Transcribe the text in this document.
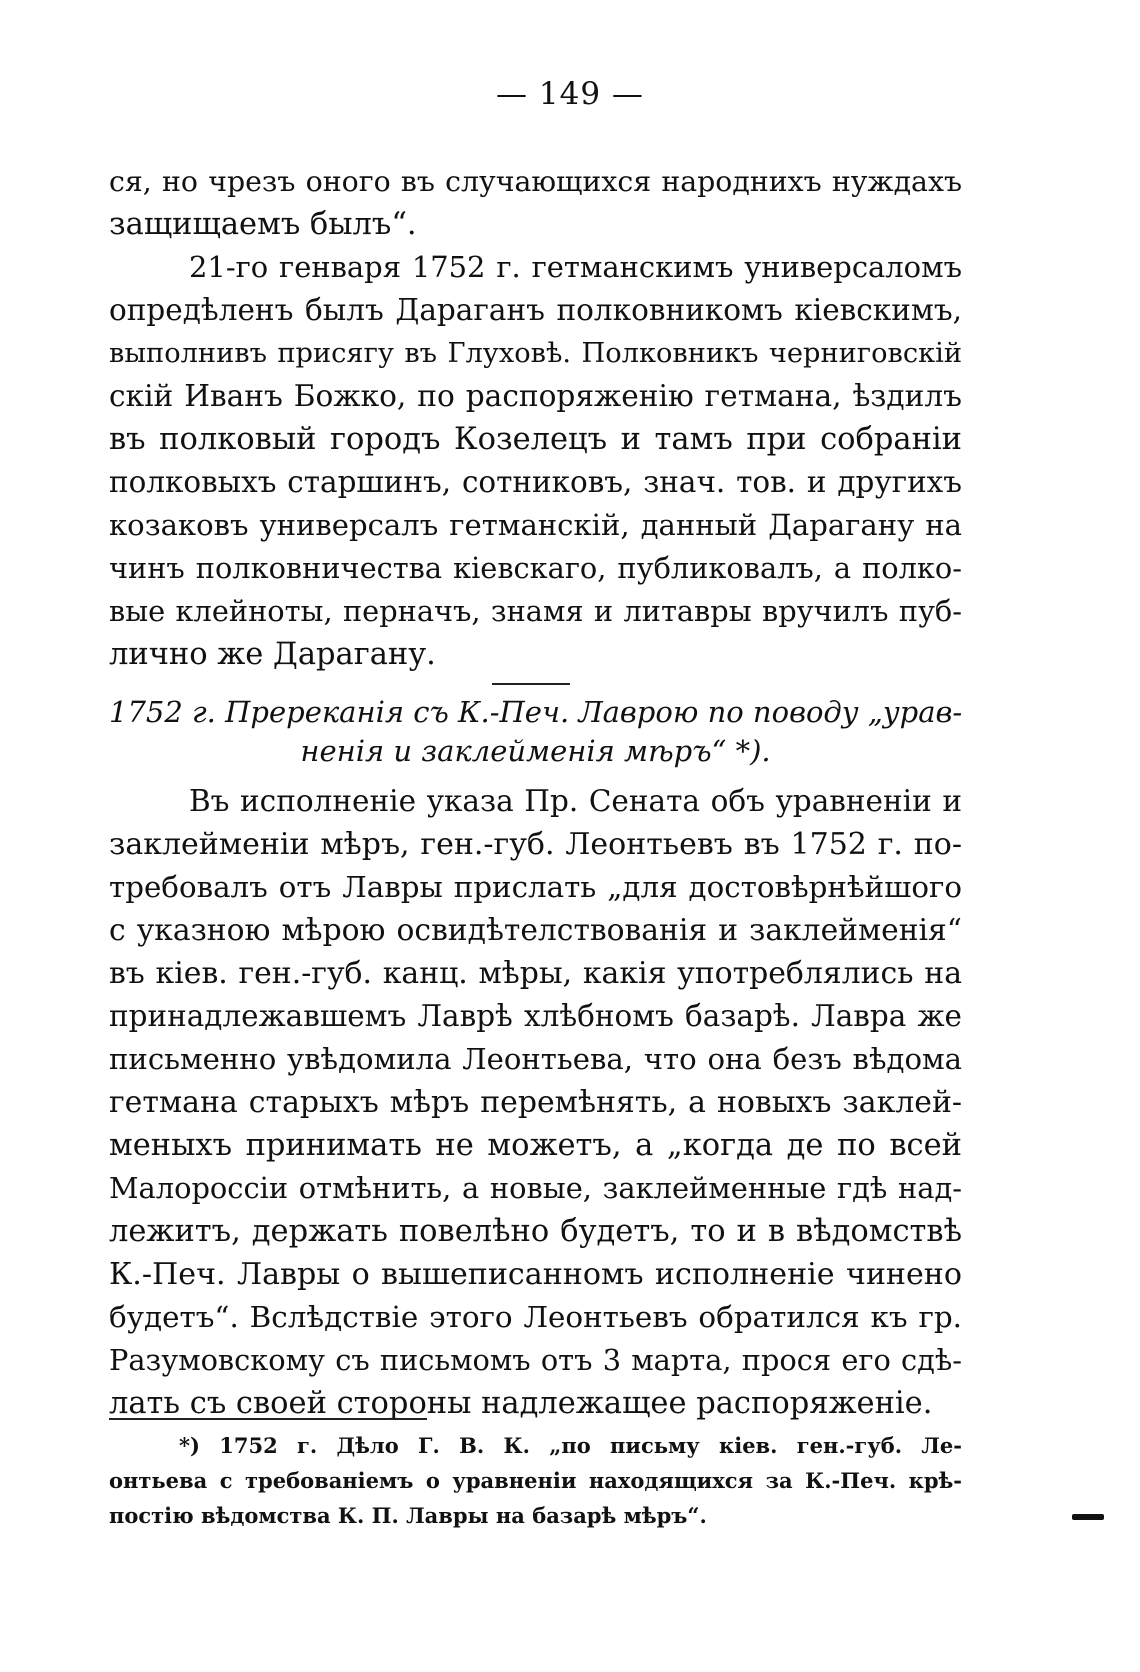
— 149 —
ся, но чрезъ оного въ случающихся народнихъ нуждахъ
защищаемъ былъ“.
21-го генваря 1752 г. гетманскимъ универсаломъ
опредѣленъ былъ Дараганъ полковникомъ кіевскимъ,
выполнивъ присягу въ Глуховѣ. Полковникъ черниговскій
скій Иванъ Божко, по распоряженію гетмана, ѣздилъ
въ полковый городъ Козелецъ и тамъ при собраніи
полковыхъ старшинъ, сотниковъ, знач. тов. и другихъ
козаковъ универсалъ гетманскій, данный Дарагану на
чинъ полковничества кіевскаго, публиковалъ, а полко-
вые клейноты, перначъ, знамя и литавры вручилъ пуб-
лично же Дарагану.
1752 г. Пререканія съ К.-Печ. Лаврою по поводу „урав-
ненія и заклейменія мѣръ“ *).
Въ исполненіе указа Пр. Сената объ уравненіи и
заклейменіи мѣръ, ген.-губ. Леонтьевъ въ 1752 г. по-
требовалъ отъ Лавры прислать „для достовѣрнѣйшого
с указною мѣрою освидѣтелствованія и заклейменія“
въ кіев. ген.-губ. канц. мѣры, какія употреблялись на
принадлежавшемъ Лаврѣ хлѣбномъ базарѣ. Лавра же
письменно увѣдомила Леонтьева, что она безъ вѣдома
гетмана старыхъ мѣръ перемѣнять, а новыхъ заклей-
меныхъ принимать не можетъ, а „когда де по всей
Малороссіи отмѣнить, а новые, заклейменные гдѣ над-
лежитъ, держать повелѣно будетъ, то и в вѣдомствѣ
К.-Печ. Лавры о вышеписанномъ исполненіе чинено
будетъ“. Вслѣдствіе этого Леонтьевъ обратился къ гр.
Разумовскому съ письмомъ отъ 3 марта, прося его сдѣ-
лать съ своей стороны надлежащее распоряженіе.
*) 1752 г. Дѣло Г. В. К. „по письму кіев. ген.-губ. Ле-
онтьева с требованіемъ о уравненіи находящихся за К.-Печ. крѣ-
постію вѣдомства К. П. Лавры на базарѣ мѣръ“.
